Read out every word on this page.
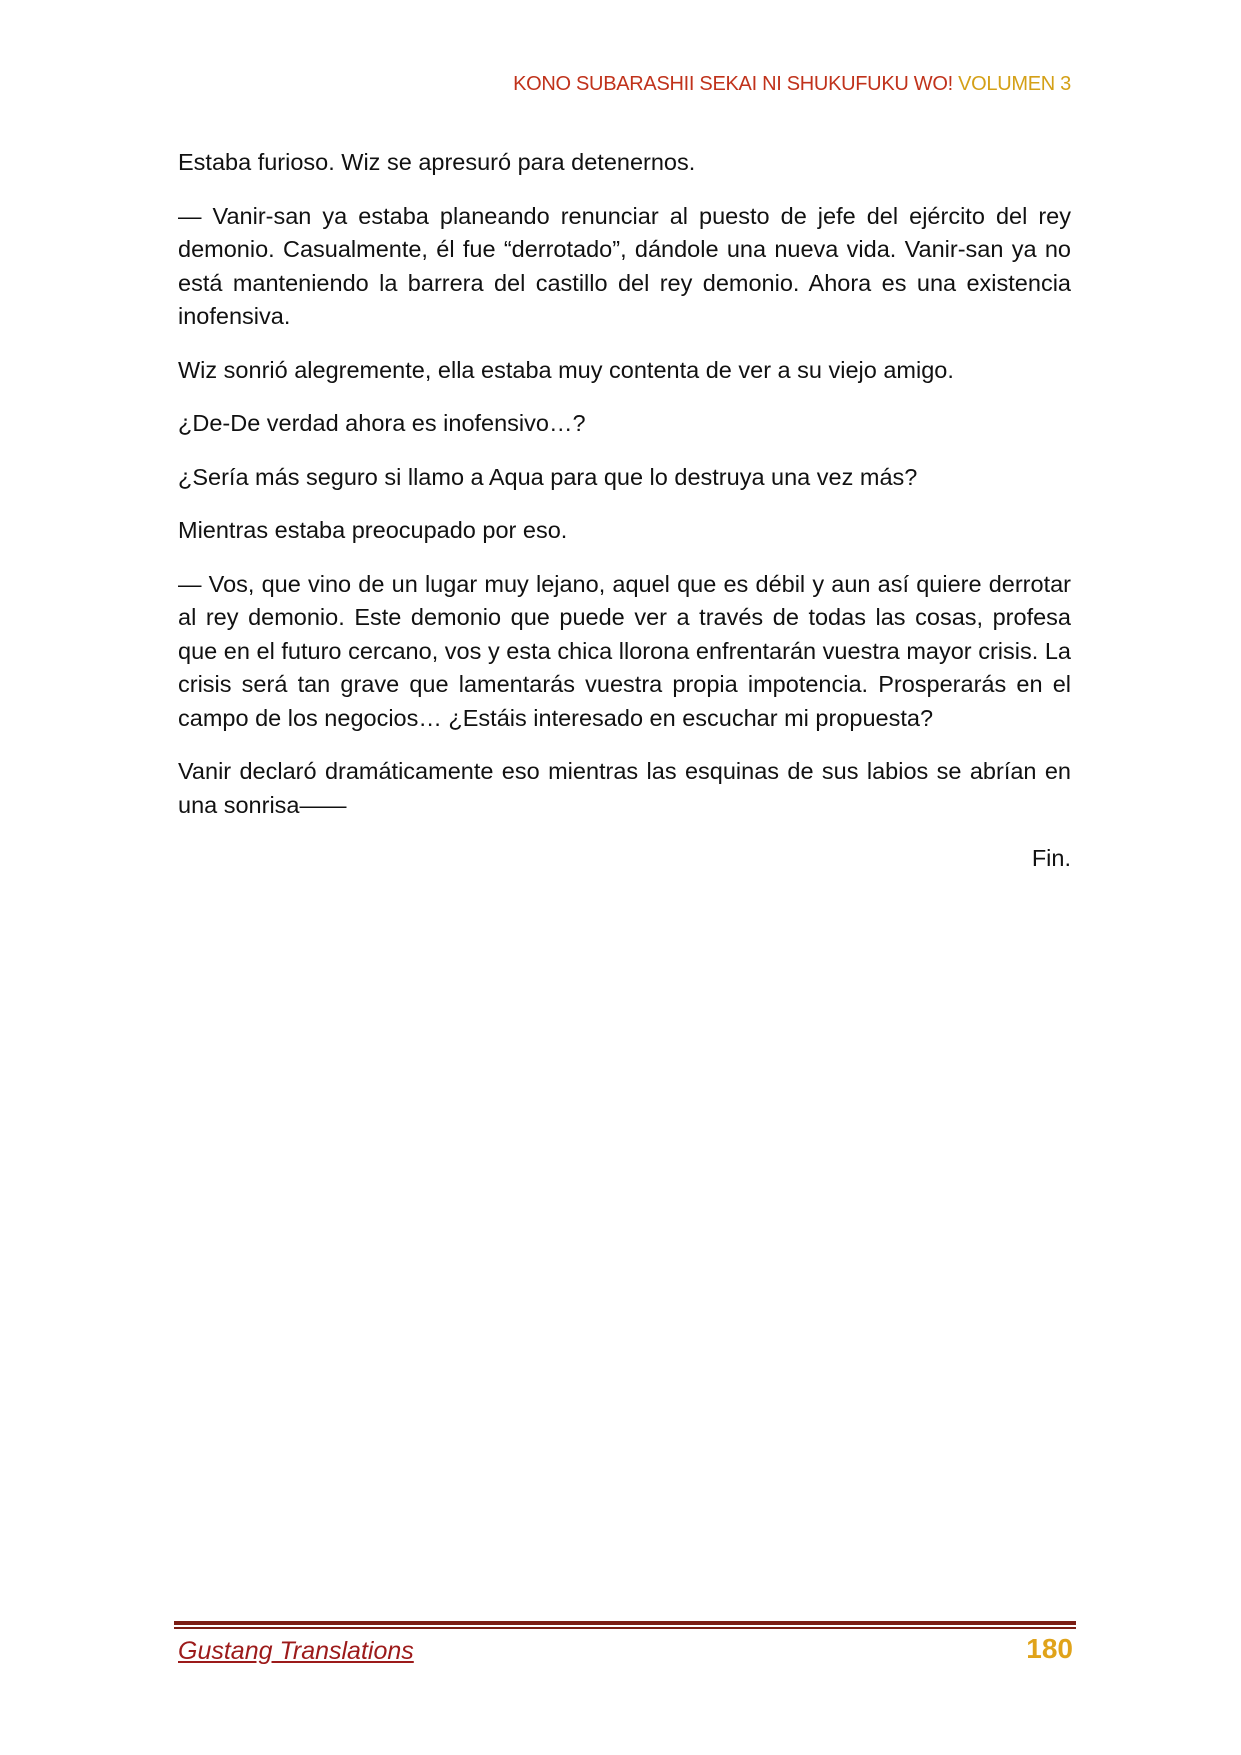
KONO SUBARASHII SEKAI NI SHUKUFUKU WO! VOLUMEN 3

Estaba furioso. Wiz se apresuró para detenernos.

— Vanir-san ya estaba planeando renunciar al puesto de jefe del ejército del rey demonio. Casualmente, él fue “derrotado”, dándole una nueva vida. Vanir-san ya no está manteniendo la barrera del castillo del rey demonio. Ahora es una existencia inofensiva.

Wiz sonrió alegremente, ella estaba muy contenta de ver a su viejo amigo.

¿De-De verdad ahora es inofensivo…?

¿Sería más seguro si llamo a Aqua para que lo destruya una vez más?

Mientras estaba preocupado por eso.

— Vos, que vino de un lugar muy lejano, aquel que es débil y aun así quiere derrotar al rey demonio. Este demonio que puede ver a través de todas las cosas, profesa que en el futuro cercano, vos y esta chica llorona enfrentarán vuestra mayor crisis. La crisis será tan grave que lamentarás vuestra propia impotencia. Prosperarás en el campo de los negocios… ¿Estáis interesado en escuchar mi propuesta?

Vanir declaró dramáticamente eso mientras las esquinas de sus labios se abrían en una sonrisa——

Fin.

Gustang Translations	180
